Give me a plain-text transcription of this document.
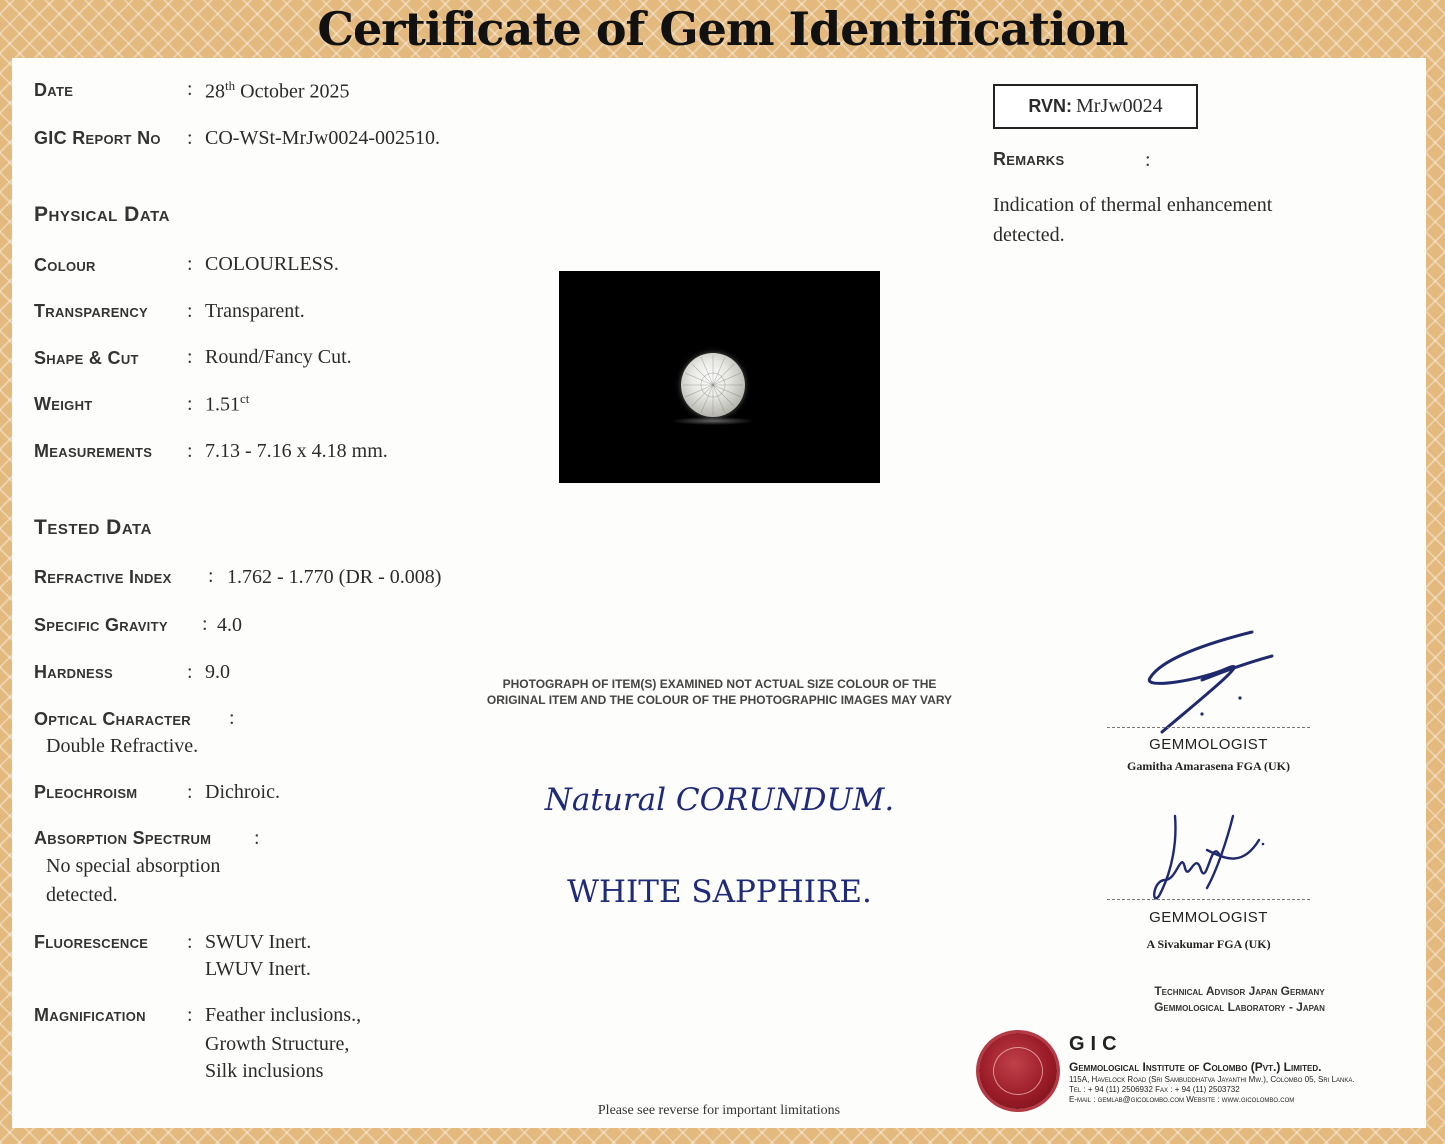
Certificate of Gem Identification
Date	: 28th October 2025
GIC Report No : CO-WSt-MrJw0024-002510.
Physical Data
Colour	: COLOURLESS.
Transparency : Transparent.
Shape & Cut : Round/Fancy Cut.
Weight	: $1.51^{ct}$
Measurements : 7.13 - 7.16 x 4.18 mm.
Tested Data
Refractive Index : 1.762 - 1.770 (DR - 0.008)
Specific Gravity : 4.0
Hardness	: 9.0
Optical Character :
Double Refractive.
Pleochroism : Dichroic.
Absorption Spectrum :
No special absorption
detected.
Fluorescence : SWUV Inert.
LWUV Inert.
Magnification : Feather inclusions.,
Growth Structure,
Silk inclusions
PHOTOGRAPH OF ITEM(S) EXAMINED NOT ACTUAL SIZE COLOUR OF THE ORIGINAL ITEM AND THE COLOUR OF THE PHOTOGRAPHIC IMAGES MAY VARY
Natural CORUNDUM.
WHITE SAPPHIRE.
RVN: MrJw0024
Remarks	:
Indication of thermal enhancement
detected.
GEMMOLOGIST
Gamitha Amarasena FGA (UK)
GEMMOLOGIST
A Sivakumar FGA (UK)
Technical Advisor Japan Germany
Gemmological Laboratory - Japan
GIC
Gemmological Institute of Colombo (Pvt.) Limited.
115A, Havelock Road (Sri Sambuddhatva Jayanthi Mw.), Colombo 05, Sri Lanka.
Tel : + 94 (11) 2506932 Fax : + 94 (11) 2503732
E-mail : gemlab@gicolombo.com Website : www.gicolombo.com
Please see reverse for important limitations
